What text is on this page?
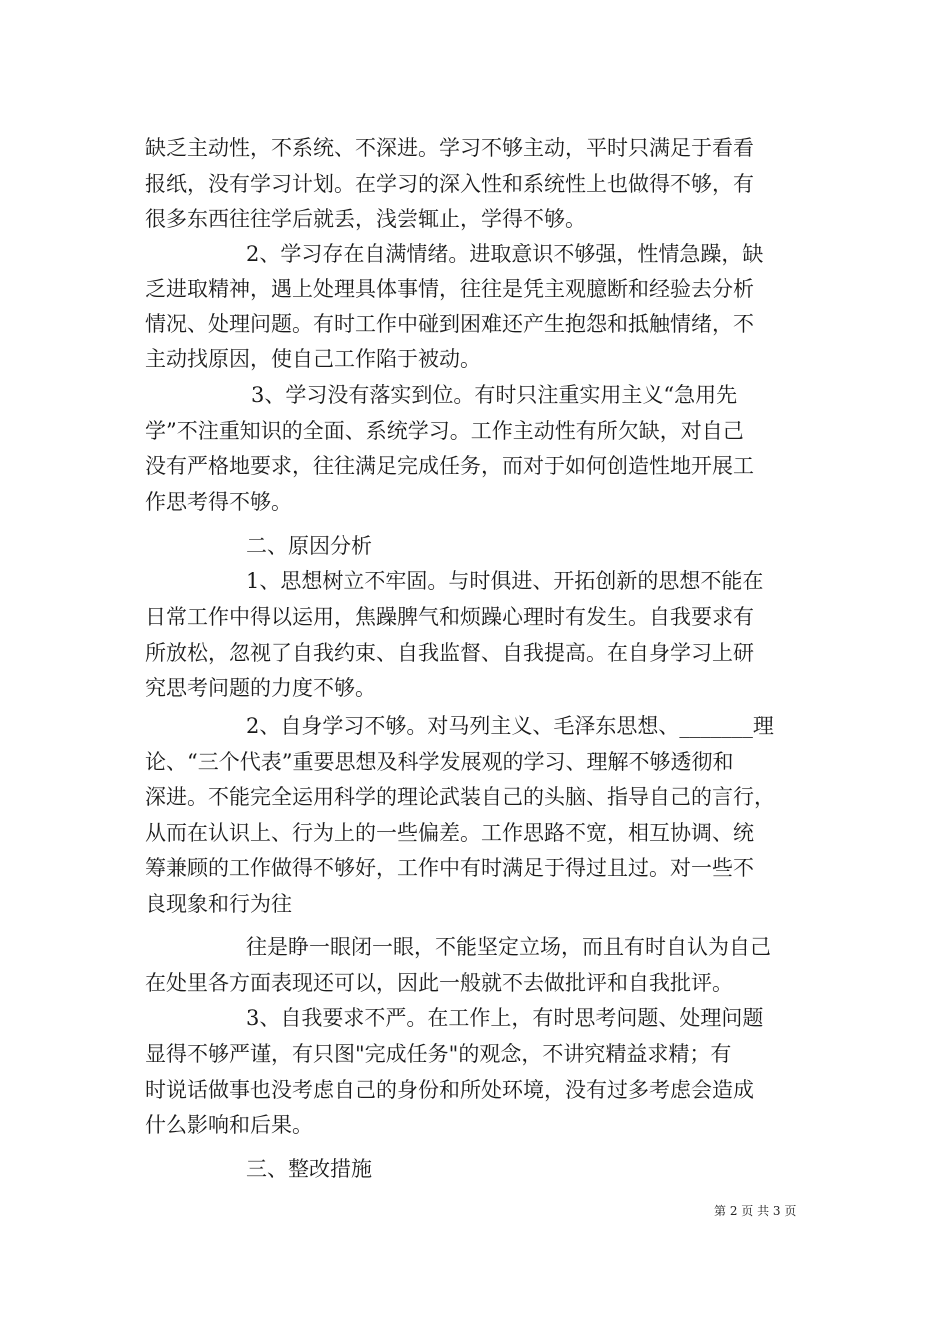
缺乏主动性，不系统、不深进。学习不够主动，平时只满足于看看
报纸，没有学习计划。在学习的深入性和系统性上也做得不够，有
很多东西往往学后就丢，浅尝辄止，学得不够。
2、学习存在自满情绪。进取意识不够强，性情急躁，缺
乏进取精神，遇上处理具体事情，往往是凭主观臆断和经验去分析
情况、处理问题。有时工作中碰到困难还产生抱怨和抵触情绪，不
主动找原因，使自己工作陷于被动。
3、学习没有落实到位。有时只注重实用主义“急用先
学”不注重知识的全面、系统学习。工作主动性有所欠缺，对自己
没有严格地要求，往往满足完成任务，而对于如何创造性地开展工
作思考得不够。
二、原因分析
1、思想树立不牢固。与时俱进、开拓创新的思想不能在
日常工作中得以运用，焦躁脾气和烦躁心理时有发生。自我要求有
所放松，忽视了自我约束、自我监督、自我提高。在自身学习上研
究思考问题的力度不够。
2、自身学习不够。对马列主义、毛泽东思想、_______理
论、“三个代表”重要思想及科学发展观的学习、理解不够透彻和
深进。不能完全运用科学的理论武装自己的头脑、指导自己的言行，
从而在认识上、行为上的一些偏差。工作思路不宽，相互协调、统
筹兼顾的工作做得不够好，工作中有时满足于得过且过。对一些不
良现象和行为往
往是睁一眼闭一眼，不能坚定立场，而且有时自认为自己
在处里各方面表现还可以，因此一般就不去做批评和自我批评。
3、自我要求不严。在工作上，有时思考问题、处理问题
显得不够严谨，有只图"完成任务"的观念，不讲究精益求精；有
时说话做事也没考虑自己的身份和所处环境，没有过多考虑会造成
什么影响和后果。
三、整改措施
第 2 页 共 3 页
